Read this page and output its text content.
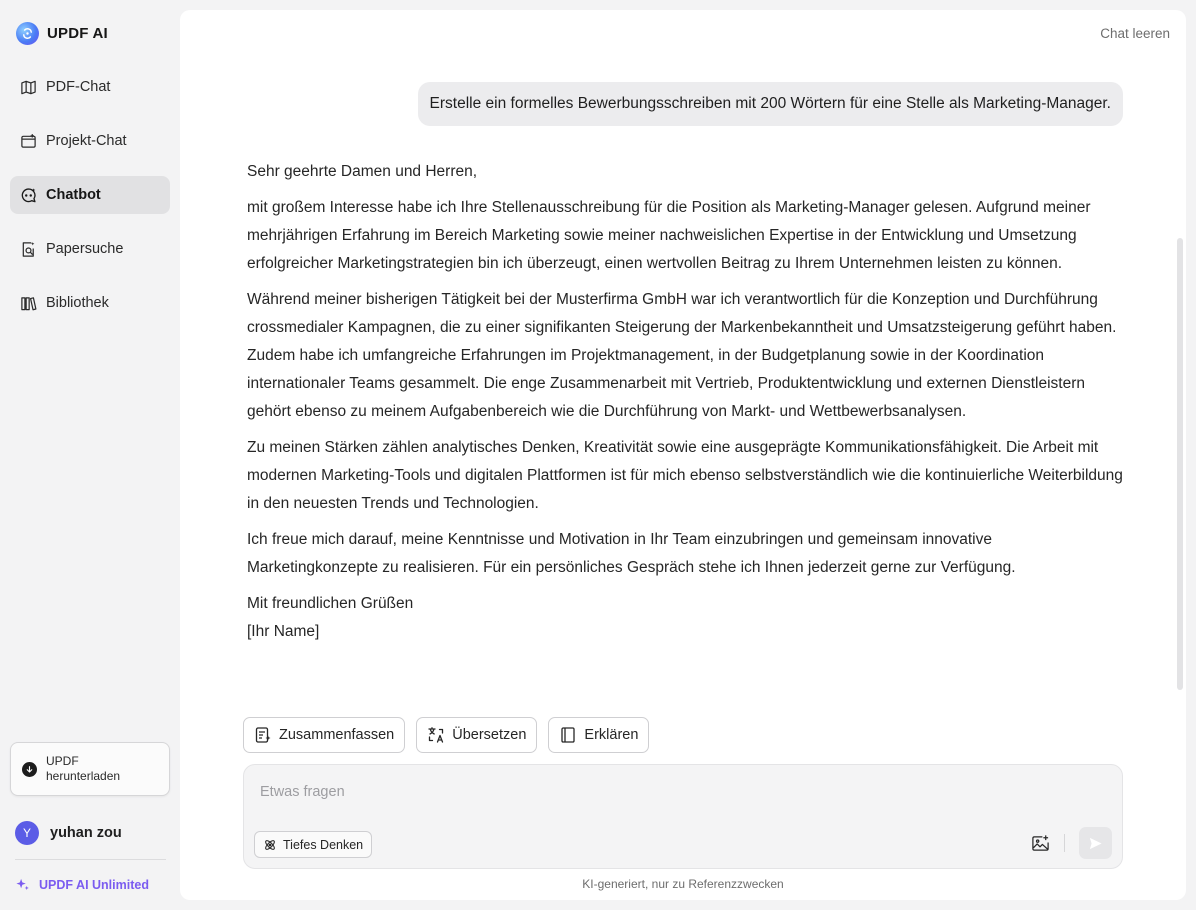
UPDF AI
PDF-Chat
Projekt-Chat
Chatbot
Papersuche
Bibliothek
UPDF herunterladen
Y	yuhan zou
UPDF AI Unlimited
Chat leeren
Erstelle ein formelles Bewerbungsschreiben mit 200 Wörtern für eine Stelle als Marketing-Manager.

Sehr geehrte Damen und Herren,

mit großem Interesse habe ich Ihre Stellenausschreibung für die Position als Marketing-Manager gelesen. Aufgrund meiner mehrjährigen Erfahrung im Bereich Marketing sowie meiner nachweislichen Expertise in der Entwicklung und Umsetzung erfolgreicher Marketingstrategien bin ich überzeugt, einen wertvollen Beitrag zu Ihrem Unternehmen leisten zu können.

Während meiner bisherigen Tätigkeit bei der Musterfirma GmbH war ich verantwortlich für die Konzeption und Durchführung crossmedialer Kampagnen, die zu einer signifikanten Steigerung der Markenbekanntheit und Umsatzsteigerung geführt haben. Zudem habe ich umfangreiche Erfahrungen im Projektmanagement, in der Budgetplanung sowie in der Koordination internationaler Teams gesammelt. Die enge Zusammenarbeit mit Vertrieb, Produktentwicklung und externen Dienstleistern gehört ebenso zu meinem Aufgabenbereich wie die Durchführung von Markt- und Wettbewerbsanalysen.

Zu meinen Stärken zählen analytisches Denken, Kreativität sowie eine ausgeprägte Kommunikationsfähigkeit. Die Arbeit mit modernen Marketing-Tools und digitalen Plattformen ist für mich ebenso selbstverständlich wie die kontinuierliche Weiterbildung in den neuesten Trends und Technologien.

Ich freue mich darauf, meine Kenntnisse und Motivation in Ihr Team einzubringen und gemeinsam innovative Marketingkonzepte zu realisieren. Für ein persönliches Gespräch stehe ich Ihnen jederzeit gerne zur Verfügung.

Mit freundlichen Grüßen

[Ihr Name]

Zusammenfassen	Übersetzen	Erklären
Etwas fragen
Tiefes Denken
KI-generiert, nur zu Referenzzwecken
